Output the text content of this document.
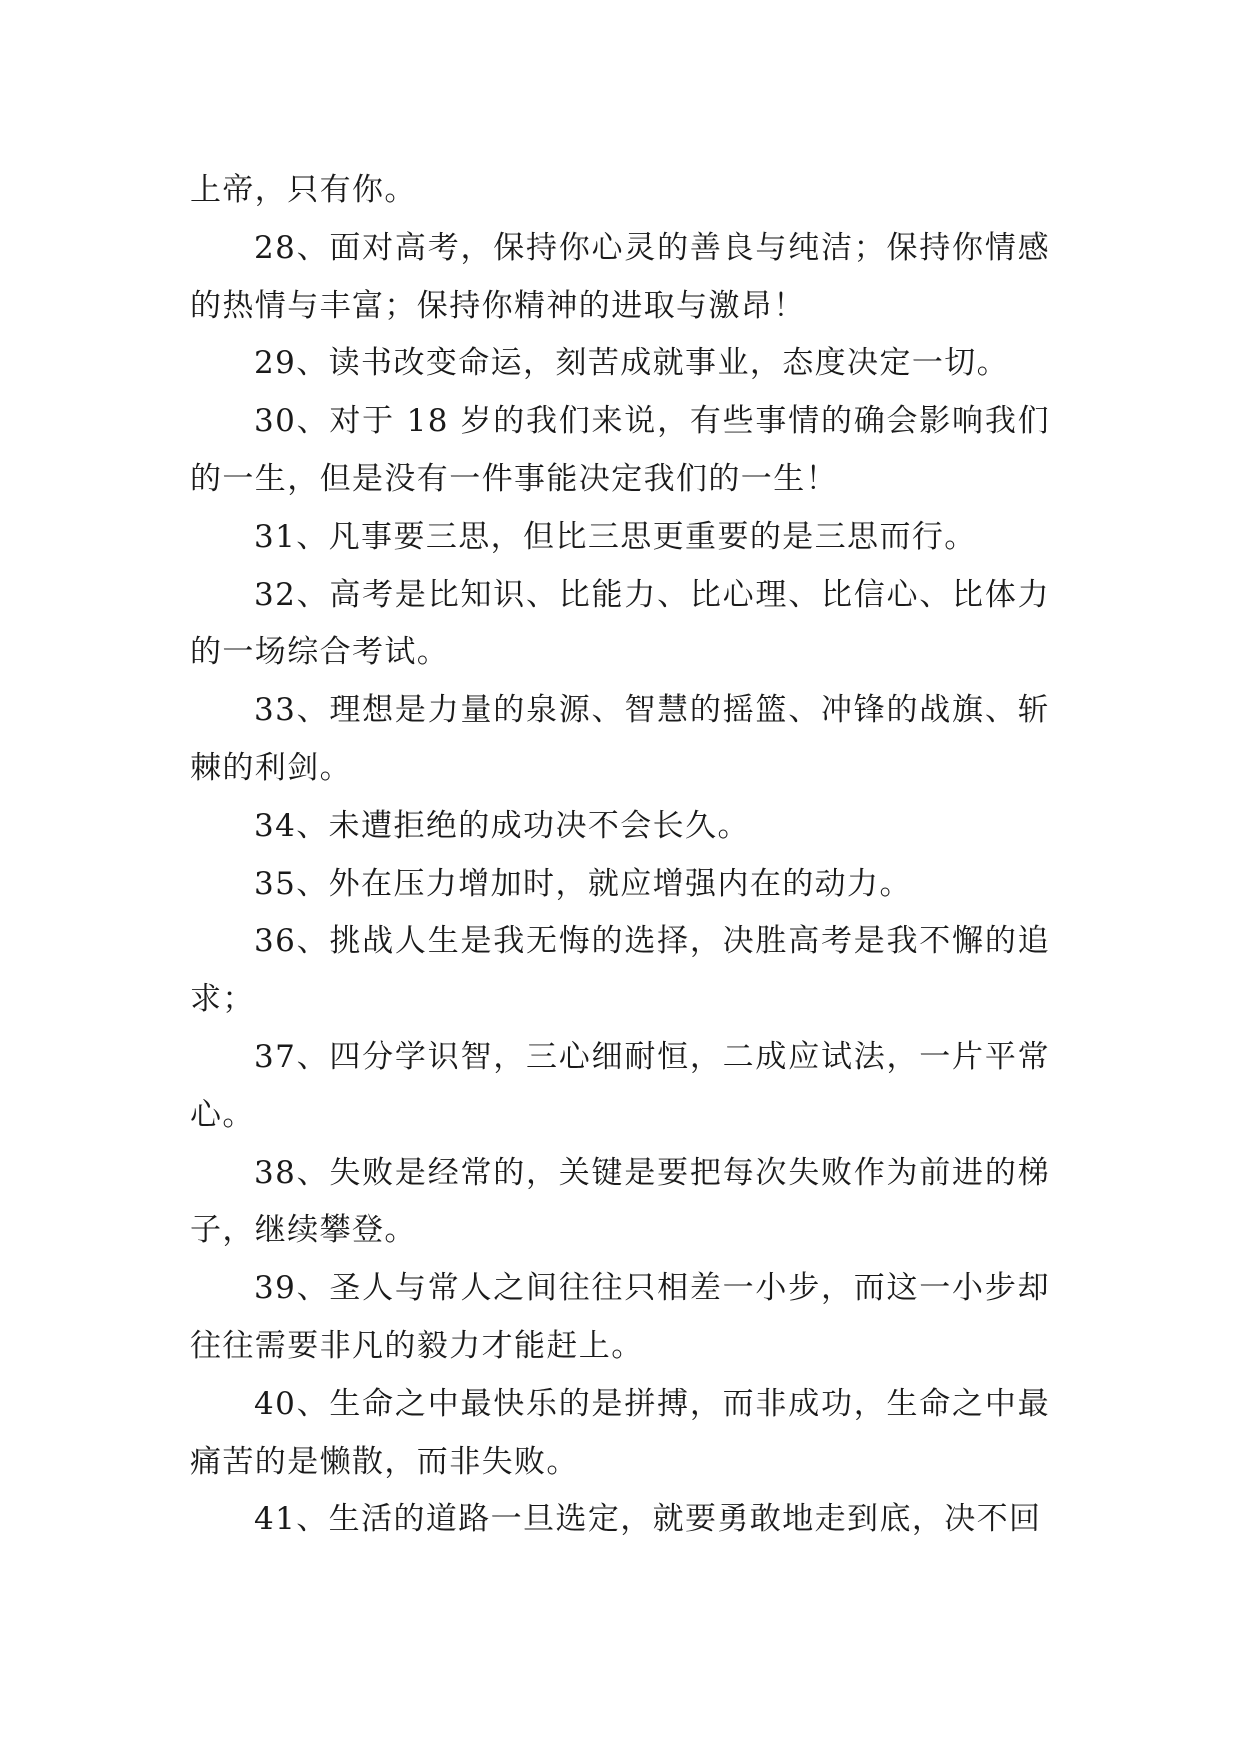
上帝，只有你。

28、面对高考，保持你心灵的善良与纯洁；保持你情感的热情与丰富；保持你精神的进取与激昂！

29、读书改变命运，刻苦成就事业，态度决定一切。

30、对于 18 岁的我们来说，有些事情的确会影响我们的一生，但是没有一件事能决定我们的一生！

31、凡事要三思，但比三思更重要的是三思而行。

32、高考是比知识、比能力、比心理、比信心、比体力的一场综合考试。

33、理想是力量的泉源、智慧的摇篮、冲锋的战旗、斩棘的利剑。

34、未遭拒绝的成功决不会长久。

35、外在压力增加时，就应增强内在的动力。

36、挑战人生是我无悔的选择，决胜高考是我不懈的追求；

37、四分学识智，三心细耐恒，二成应试法，一片平常心。

38、失败是经常的，关键是要把每次失败作为前进的梯子，继续攀登。

39、圣人与常人之间往往只相差一小步，而这一小步却往往需要非凡的毅力才能赶上。

40、生命之中最快乐的是拼搏，而非成功，生命之中最痛苦的是懒散，而非失败。

41、生活的道路一旦选定，就要勇敢地走到底，决不回
